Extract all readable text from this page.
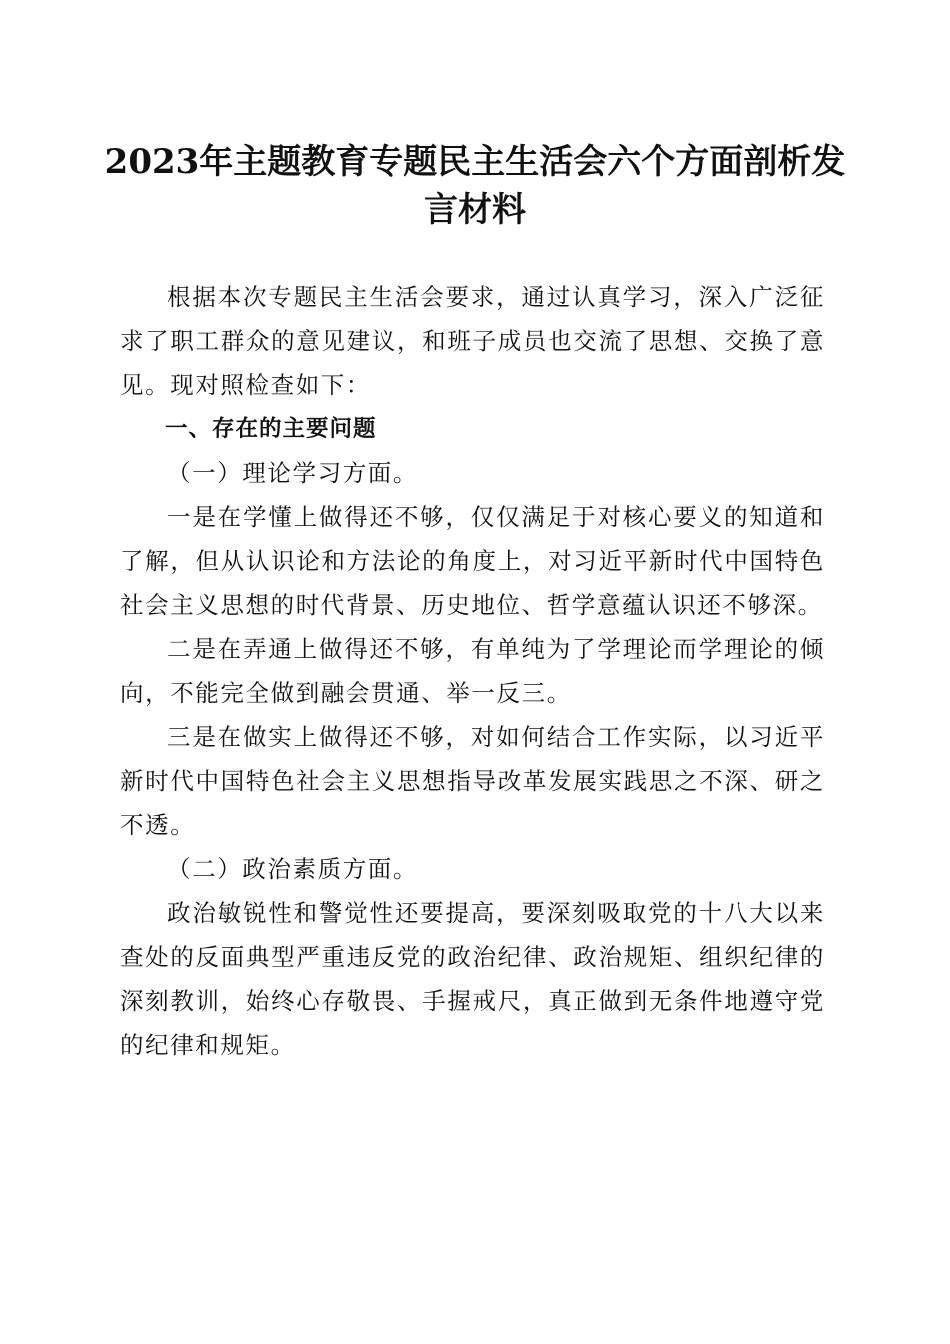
2023年主题教育专题民主生活会六个方面剖析发言材料

根据本次专题民主生活会要求，通过认真学习，深入广泛征求了职工群众的意见建议，和班子成员也交流了思想、交换了意见。现对照检查如下：

一、存在的主要问题

（一）理论学习方面。

一是在学懂上做得还不够，仅仅满足于对核心要义的知道和了解，但从认识论和方法论的角度上，对习近平新时代中国特色社会主义思想的时代背景、历史地位、哲学意蕴认识还不够深。

二是在弄通上做得还不够，有单纯为了学理论而学理论的倾向，不能完全做到融会贯通、举一反三。

三是在做实上做得还不够，对如何结合工作实际，以习近平新时代中国特色社会主义思想指导改革发展实践思之不深、研之不透。

（二）政治素质方面。

政治敏锐性和警觉性还要提高，要深刻吸取党的十八大以来查处的反面典型严重违反党的政治纪律、政治规矩、组织纪律的深刻教训，始终心存敬畏、手握戒尺，真正做到无条件地遵守党的纪律和规矩。
